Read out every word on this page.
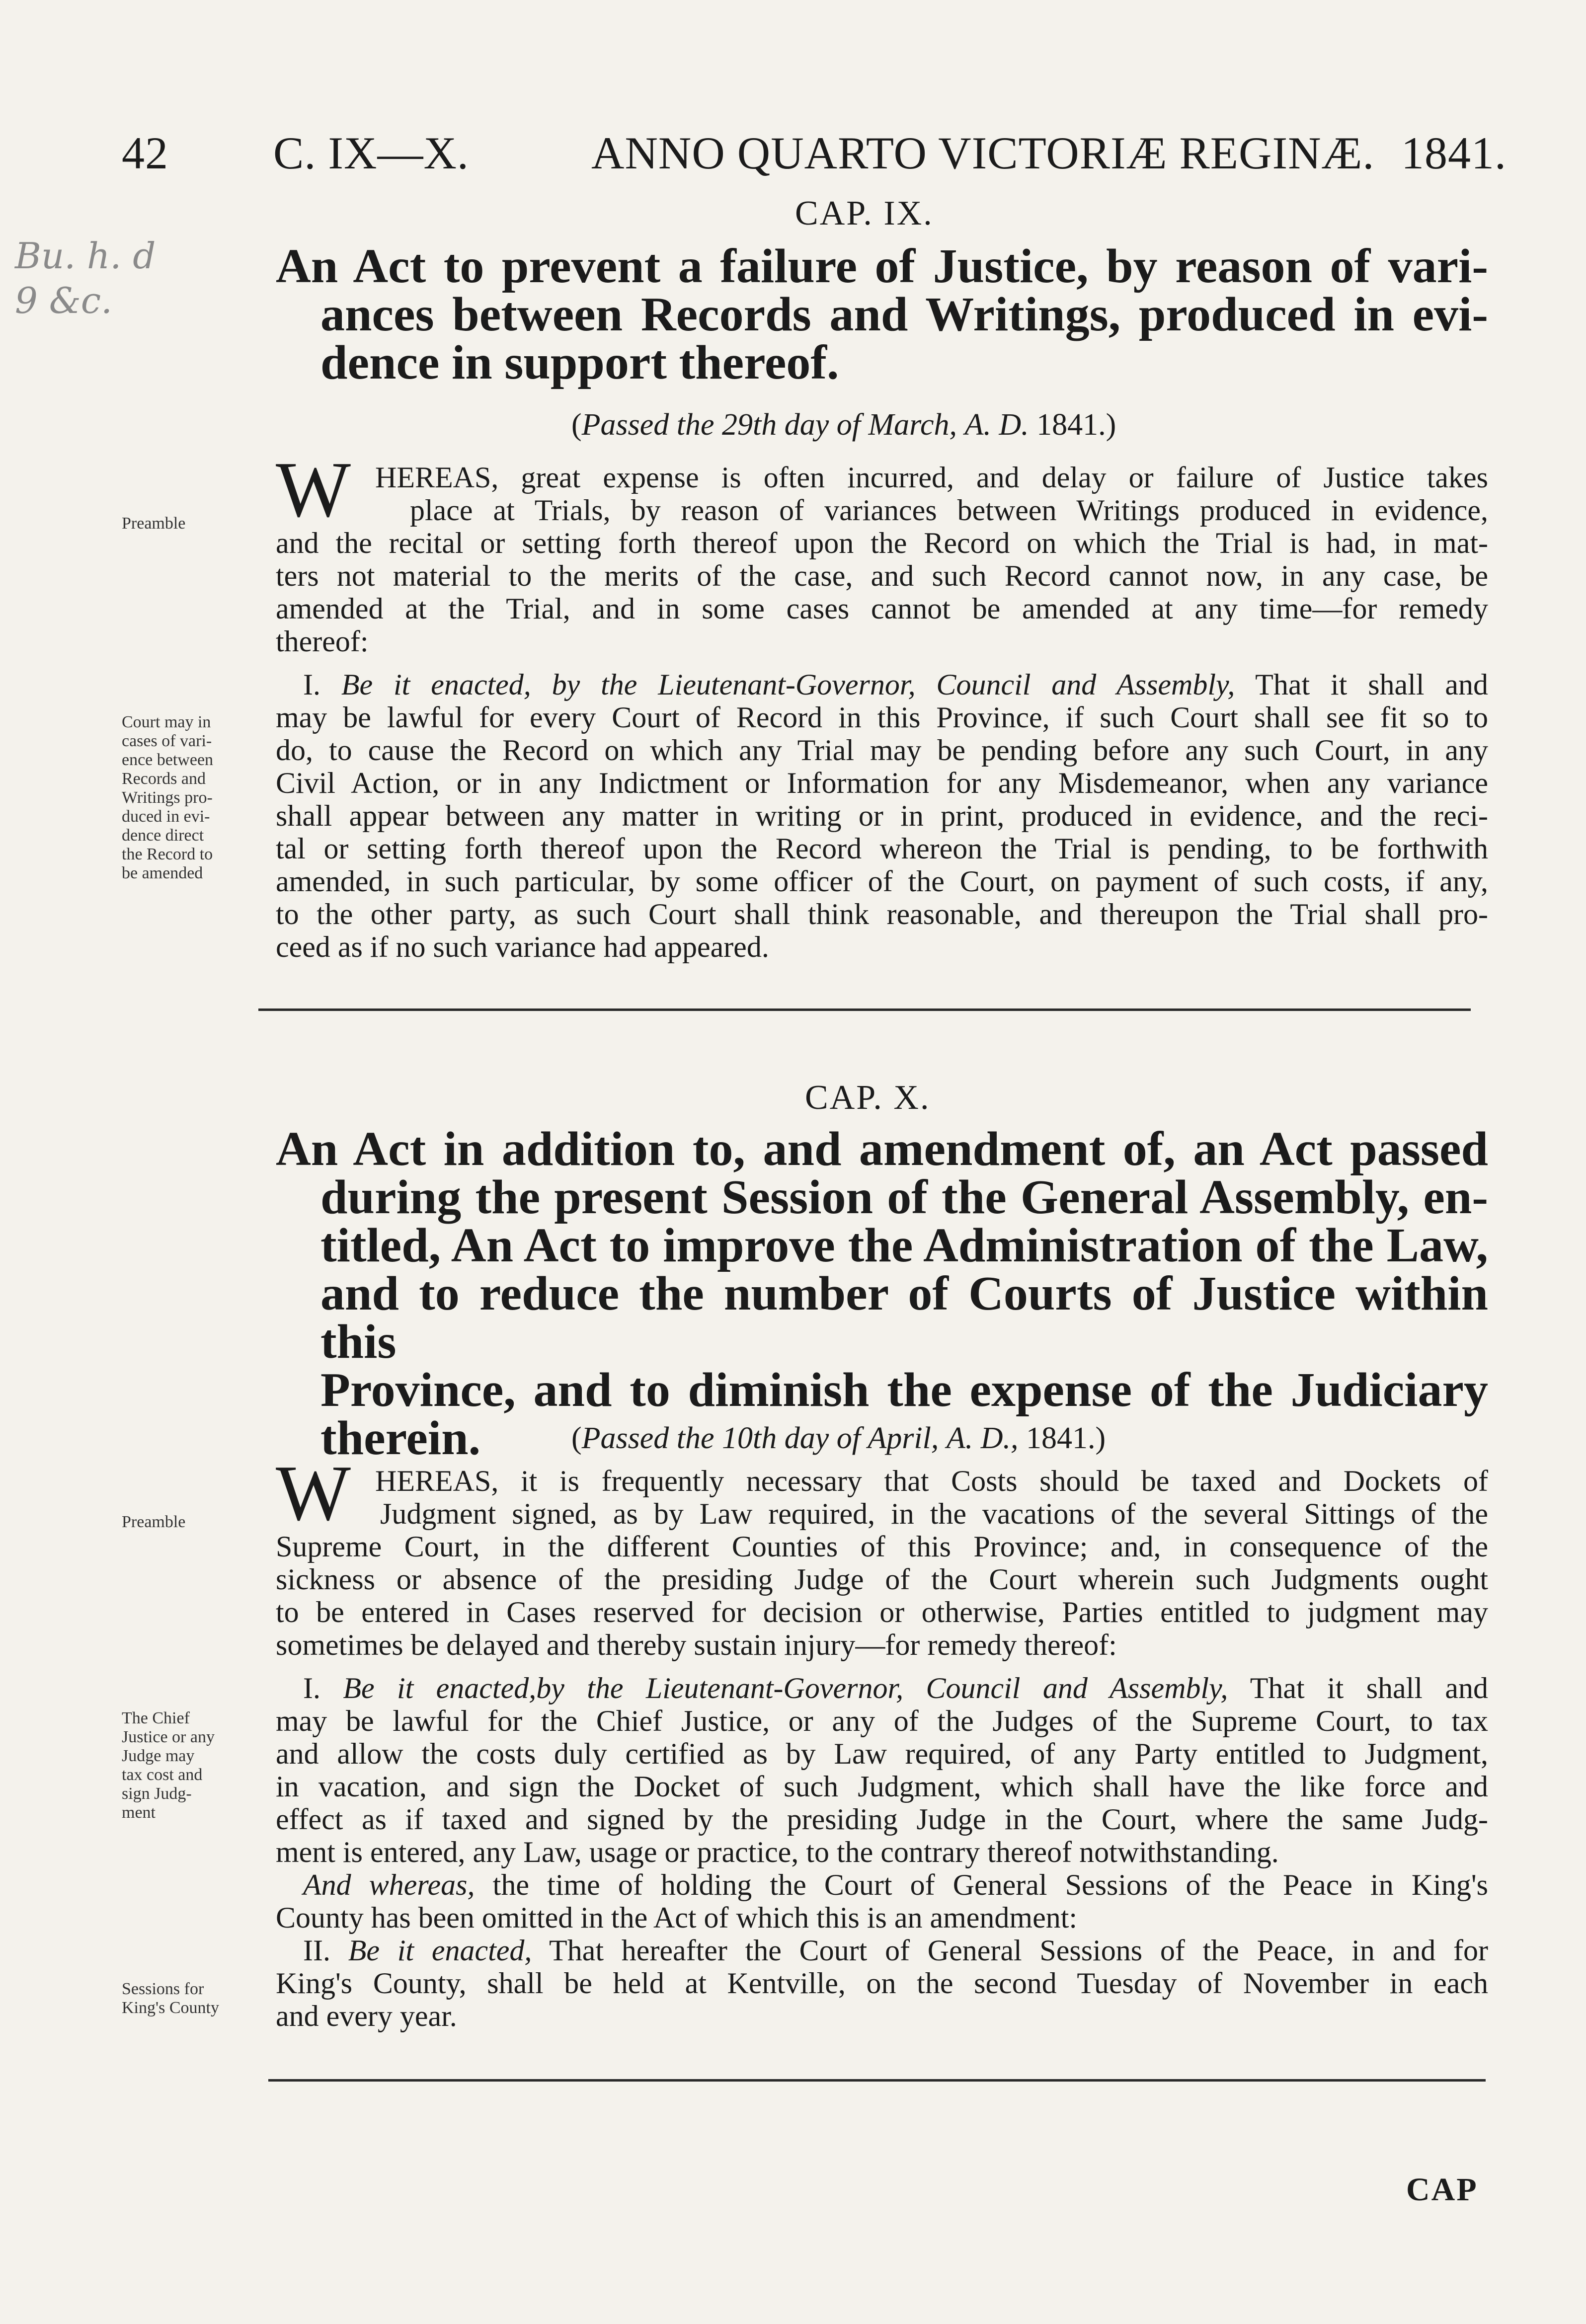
42 C. IX—X.	ANNO QUARTO VICTORIÆ REGINÆ. 1841.
Bu. h. d
9 &c.
CAP. IX.
An Act to prevent a failure of Justice, by reason of vari-
ances between Records and Writings, produced in evi-
dence in support thereof.
(Passed the 29th day of March, A. D. 1841.)
Preamble
Court may in
cases of vari-
ence between
Records and
Writings pro-
duced in evi-
dence direct
the Record to
be amended
W HEREAS, great expense is often incurred, and delay or failure of Justice takes
place at Trials, by reason of variances between Writings produced in evidence,
and the recital or setting forth thereof upon the Record on which the Trial is had, in mat-
ters not material to the merits of the case, and such Record cannot now, in any case, be
amended at the Trial, and in some cases cannot be amended at any time—for remedy
thereof:
I. Be it enacted, by the Lieutenant-Governor, Council and Assembly, That it shall and
may be lawful for every Court of Record in this Province, if such Court shall see fit so to
do, to cause the Record on which any Trial may be pending before any such Court, in any
Civil Action, or in any Indictment or Information for any Misdemeanor, when any variance
shall appear between any matter in writing or in print, produced in evidence, and the reci-
tal or setting forth thereof upon the Record whereon the Trial is pending, to be forthwith
amended, in such particular, by some officer of the Court, on payment of such costs, if any,
to the other party, as such Court shall think reasonable, and thereupon the Trial shall pro-
ceed as if no such variance had appeared.
CAP. X.
An Act in addition to, and amendment of, an Act passed
during the present Session of the General Assembly, en-
titled, An Act to improve the Administration of the Law,
and to reduce the number of Courts of Justice within this
Province, and to diminish the expense of the Judiciary
therein.	(Passed the 10th day of April, A. D., 1841.)
Preamble
The Chief
Justice or any
Judge may
tax cost and
sign Judg-
ment
Sessions for
King's County
W HEREAS, it is frequently necessary that Costs should be taxed and Dockets of
Judgment signed, as by Law required, in the vacations of the several Sittings of the
Supreme Court, in the different Counties of this Province; and, in consequence of the
sickness or absence of the presiding Judge of the Court wherein such Judgments ought
to be entered in Cases reserved for decision or otherwise, Parties entitled to judgment may
sometimes be delayed and thereby sustain injury—for remedy thereof:
I. Be it enacted,by the Lieutenant-Governor, Council and Assembly, That it shall and
may be lawful for the Chief Justice, or any of the Judges of the Supreme Court, to tax
and allow the costs duly certified as by Law required, of any Party entitled to Judgment,
in vacation, and sign the Docket of such Judgment, which shall have the like force and
effect as if taxed and signed by the presiding Judge in the Court, where the same Judg-
ment is entered, any Law, usage or practice, to the contrary thereof notwithstanding.
And whereas, the time of holding the Court of General Sessions of the Peace in King's
County has been omitted in the Act of which this is an amendment:
II. Be it enacted, That hereafter the Court of General Sessions of the Peace, in and for
King's County, shall be held at Kentville, on the second Tuesday of November in each
and every year.
CAP
